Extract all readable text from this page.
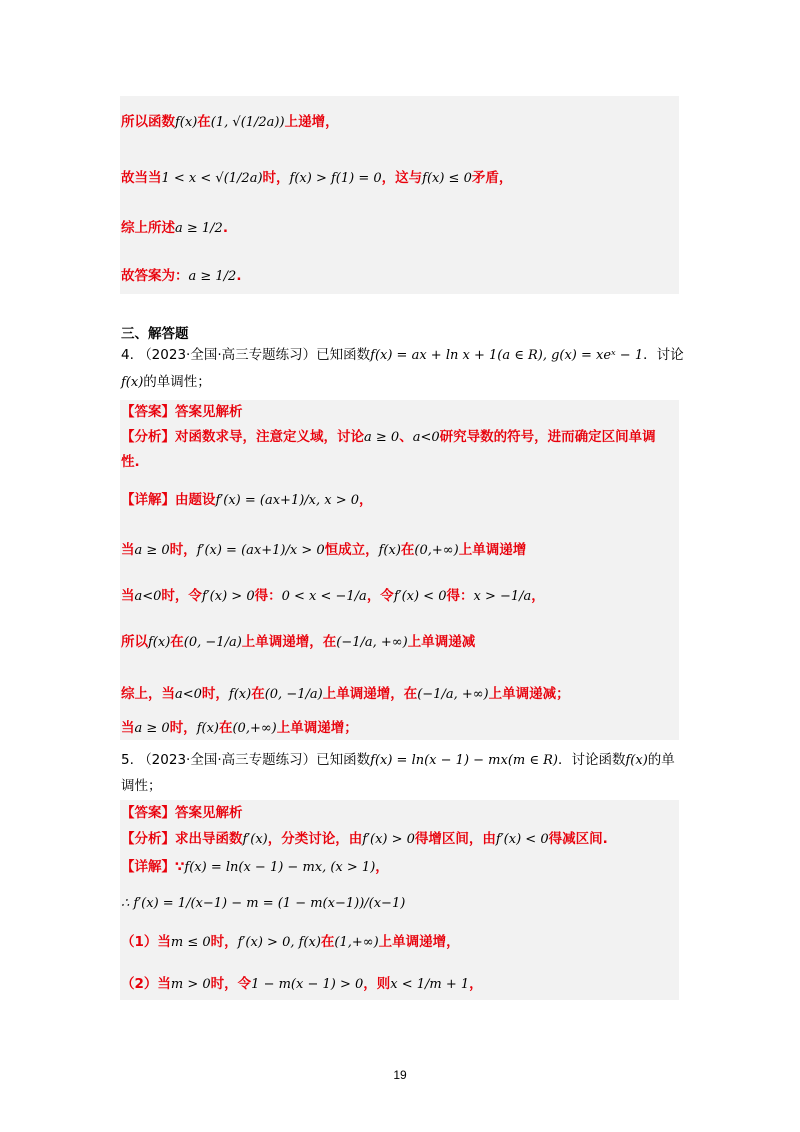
所以函数f(x)在(1, √(1/2a))上递增，
故当当1 < x < √(1/2a)时，f(x) > f(1) = 0，这与f(x) ≤ 0矛盾，
综上所述a ≥ 1/2.
故答案为：a ≥ 1/2.
三、解答题
4. （2023·全国·高三专题练习）已知函数f(x) = ax + ln x + 1(a ∈ R), g(x) = xeˣ − 1．讨论
f(x)的单调性；
【答案】答案见解析
【分析】对函数求导，注意定义域，讨论a ≥ 0、a<0研究导数的符号，进而确定区间单调
性.
【详解】由题设f′(x) = (ax+1)/x, x > 0，
当a ≥ 0时，f′(x) = (ax+1)/x > 0恒成立，f(x)在(0,+∞)上单调递增
当a<0时，令f′(x) > 0得：0 < x < −1/a，令f′(x) < 0得：x > −1/a，
所以f(x)在(0, −1/a)上单调递增，在(−1/a, +∞)上单调递减
综上，当a<0时，f(x)在(0, −1/a)上单调递增，在(−1/a, +∞)上单调递减；
当a ≥ 0时，f(x)在(0,+∞)上单调递增；
5. （2023·全国·高三专题练习）已知函数f(x) = ln(x − 1) − mx(m ∈ R)．讨论函数f(x)的单
调性；
【答案】答案见解析
【分析】求出导函数f′(x)，分类讨论，由f′(x) > 0得增区间，由f′(x) < 0得减区间.
【详解】∵f(x) = ln(x − 1) − mx, (x > 1)，
∴ f′(x) = 1/(x−1) − m = (1 − m(x−1))/(x−1)
（1）当m ≤ 0时，f′(x) > 0, f(x)在(1,+∞)上单调递增，
（2）当m > 0时，令1 − m(x − 1) > 0，则x < 1/m + 1，
19
